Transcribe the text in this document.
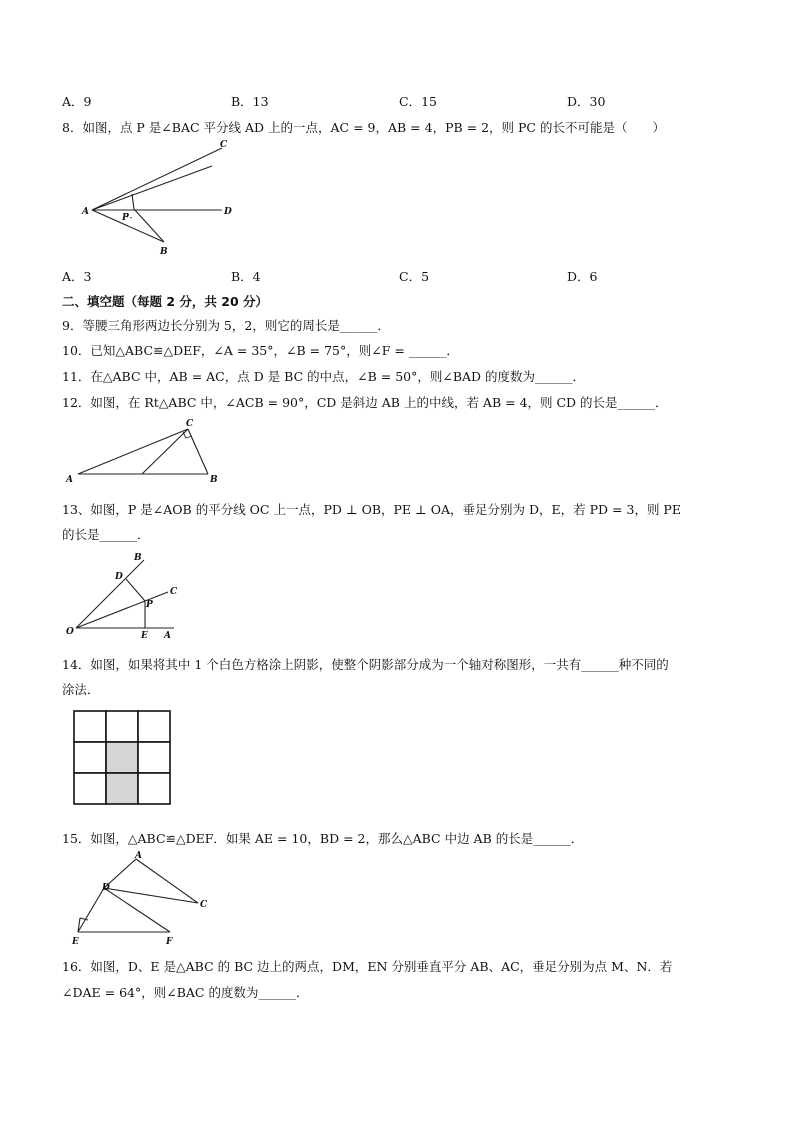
A．9	B．13	C．15	D．30
8．如图，点 P 是∠BAC 平分线 AD 上的一点，AC = 9，AB = 4，PB = 2，则 PC 的长不可能是（　　）
C
A	D
P
B
A．3	B．4	C．5	D．6
二、填空题（每题 2 分，共 20 分）
9．等腰三角形两边长分别为 5，2，则它的周长是______．
10．已知△ABC≌△DEF，∠A = 35°，∠B = 75°，则∠F = ______．
11．在△ABC 中，AB = AC，点 D 是 BC 的中点，∠B = 50°，则∠BAD 的度数为______．
12．如图，在 Rt△ABC 中，∠ACB = 90°，CD 是斜边 AB 上的中线，若 AB = 4，则 CD 的长是______．
C
A	B
13、如图，P 是∠AOB 的平分线 OC 上一点，PD ⊥ OB，PE ⊥ OA，垂足分别为 D，E，若 PD = 3，则 PE
的长是______．
B
D
C
P
O	E A
14．如图，如果将其中 1 个白色方格涂上阴影，使整个阴影部分成为一个轴对称图形，一共有______种不同的
涂法．
15．如图，△ABC≌△DEF．如果 AE = 10，BD = 2，那么△ABC 中边 AB 的长是______．
A
D
C
E	F
16．如图，D、E 是△ABC 的 BC 边上的两点，DM，EN 分别垂直平分 AB、AC，垂足分别为点 M、N．若
∠DAE = 64°，则∠BAC 的度数为______．
